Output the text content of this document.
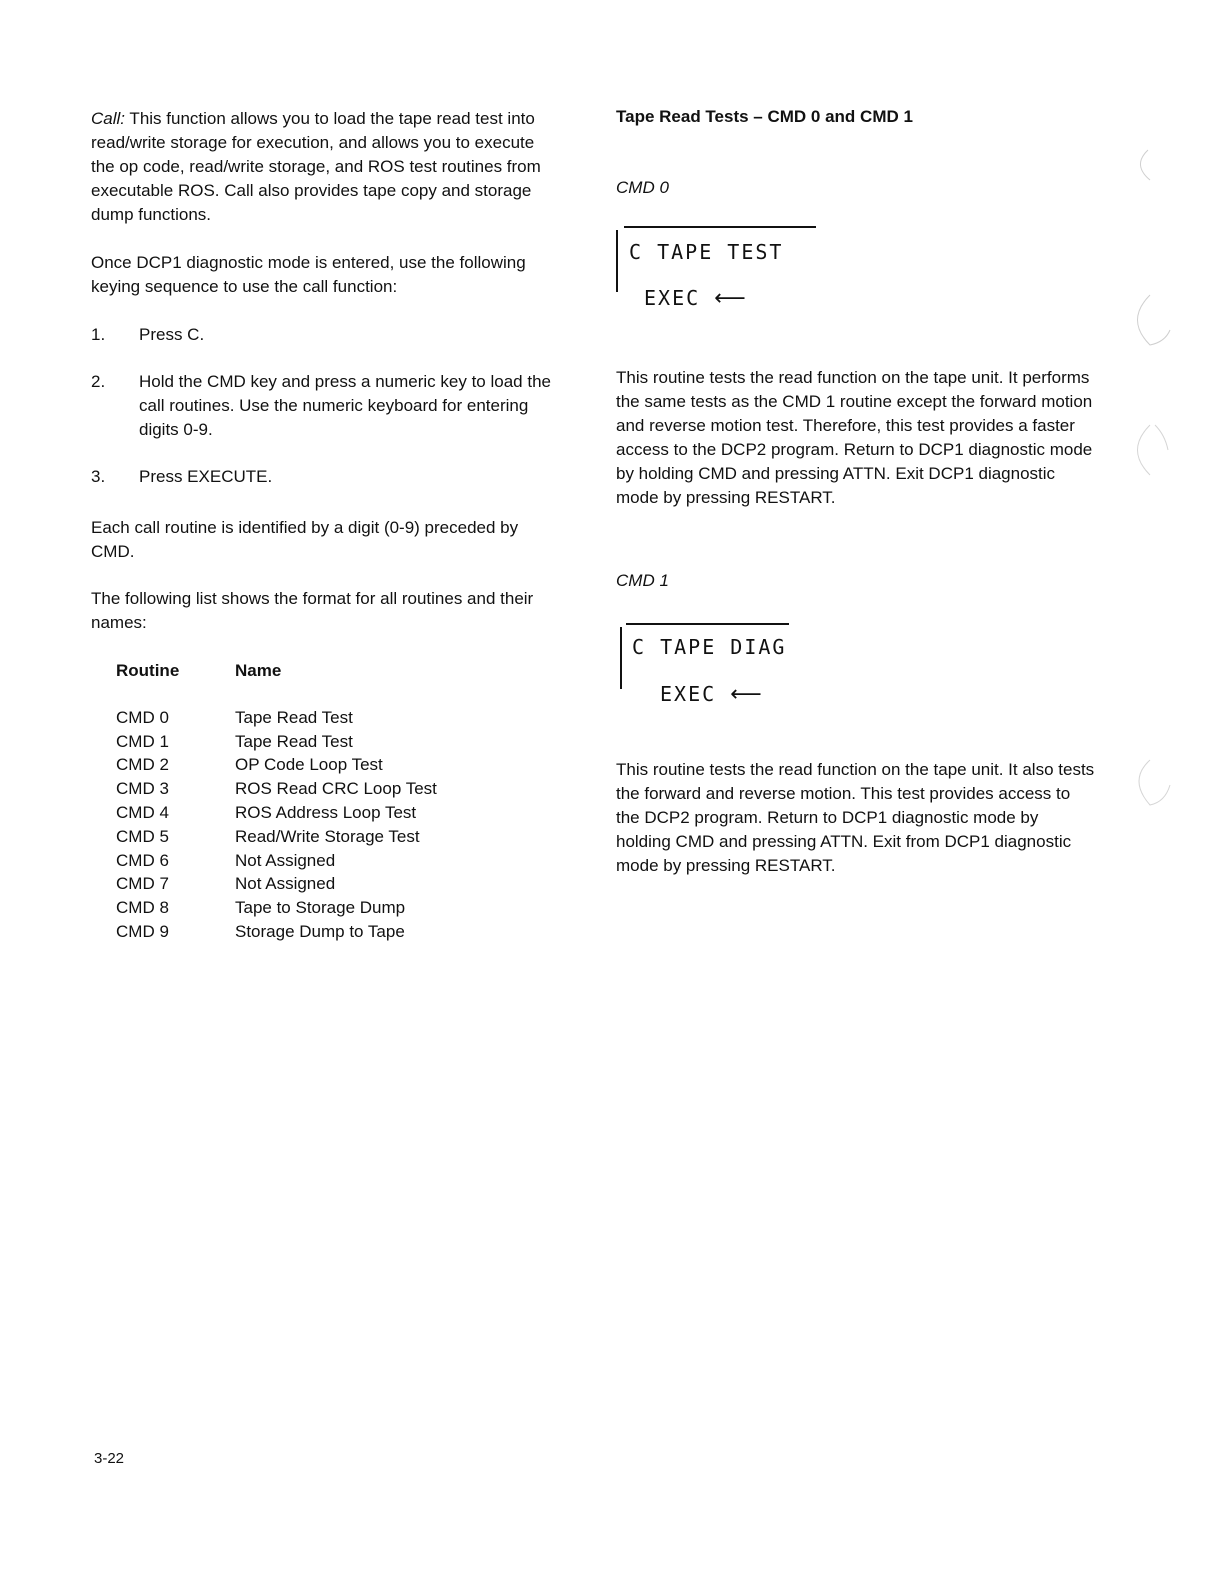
Call: This function allows you to load the tape read test into read/write storage for execution, and allows you to execute the op code, read/write storage, and ROS test routines from executable ROS. Call also provides tape copy and storage dump functions.

Once DCP1 diagnostic mode is entered, use the following keying sequence to use the call function:

1. Press C.
2. Hold the CMD key and press a numeric key to load the call routines. Use the numeric keyboard for entering digits 0-9.
3. Press EXECUTE.

Each call routine is identified by a digit (0-9) preceded by CMD.

The following list shows the format for all routines and their names:

Routine	Name
CMD 0	Tape Read Test
CMD 1	Tape Read Test
CMD 2	OP Code Loop Test
CMD 3	ROS Read CRC Loop Test
CMD 4	ROS Address Loop Test
CMD 5	Read/Write Storage Test
CMD 6	Not Assigned
CMD 7	Not Assigned
CMD 8	Tape to Storage Dump
CMD 9	Storage Dump to Tape
Tape Read Tests – CMD 0 and CMD 1
CMD 0
C TAPE TEST
EXEC ⟵

This routine tests the read function on the tape unit. It performs the same tests as the CMD 1 routine except the forward motion and reverse motion test. Therefore, this test provides a faster access to the DCP2 program. Return to DCP1 diagnostic mode by holding CMD and pressing ATTN. Exit DCP1 diagnostic mode by pressing RESTART.

CMD 1
C TAPE DIAG
EXEC ⟵

This routine tests the read function on the tape unit. It also tests the forward and reverse motion. This test provides access to the DCP2 program. Return to DCP1 diagnostic mode by holding CMD and pressing ATTN. Exit from DCP1 diagnostic mode by pressing RESTART.

3-22
